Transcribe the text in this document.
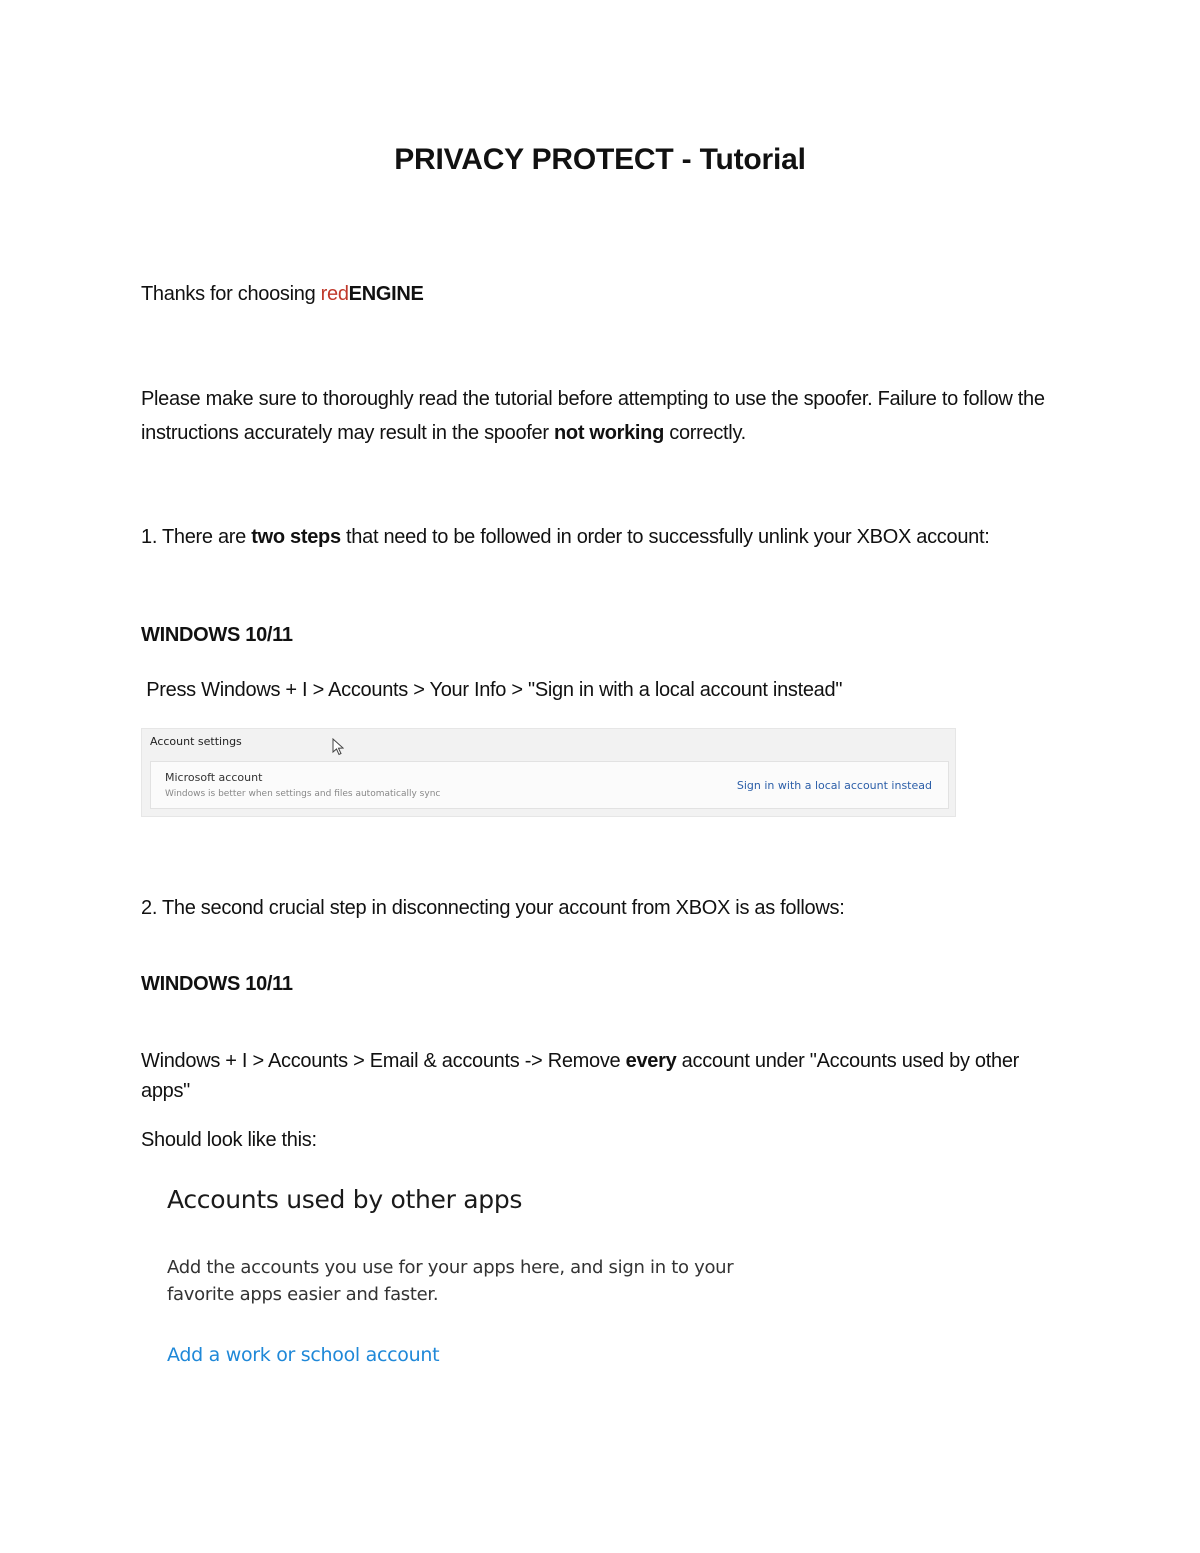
PRIVACY PROTECT - Tutorial
Thanks for choosing redENGINE
Please make sure to thoroughly read the tutorial before attempting to use the spoofer. Failure to follow the instructions accurately may result in the spoofer not working correctly.
1. There are two steps that need to be followed in order to successfully unlink your XBOX account:
WINDOWS 10/11
Press Windows + I > Accounts > Your Info > "Sign in with a local account instead"
Account settings
Microsoft account
Windows is better when settings and files automatically sync
Sign in with a local account instead
2. The second crucial step in disconnecting your account from XBOX is as follows:
WINDOWS 10/11
Windows + I > Accounts > Email & accounts -> Remove every account under "Accounts used by other apps"
Should look like this:
Accounts used by other apps
Add the accounts you use for your apps here, and sign in to your favorite apps easier and faster.
Add a work or school account
